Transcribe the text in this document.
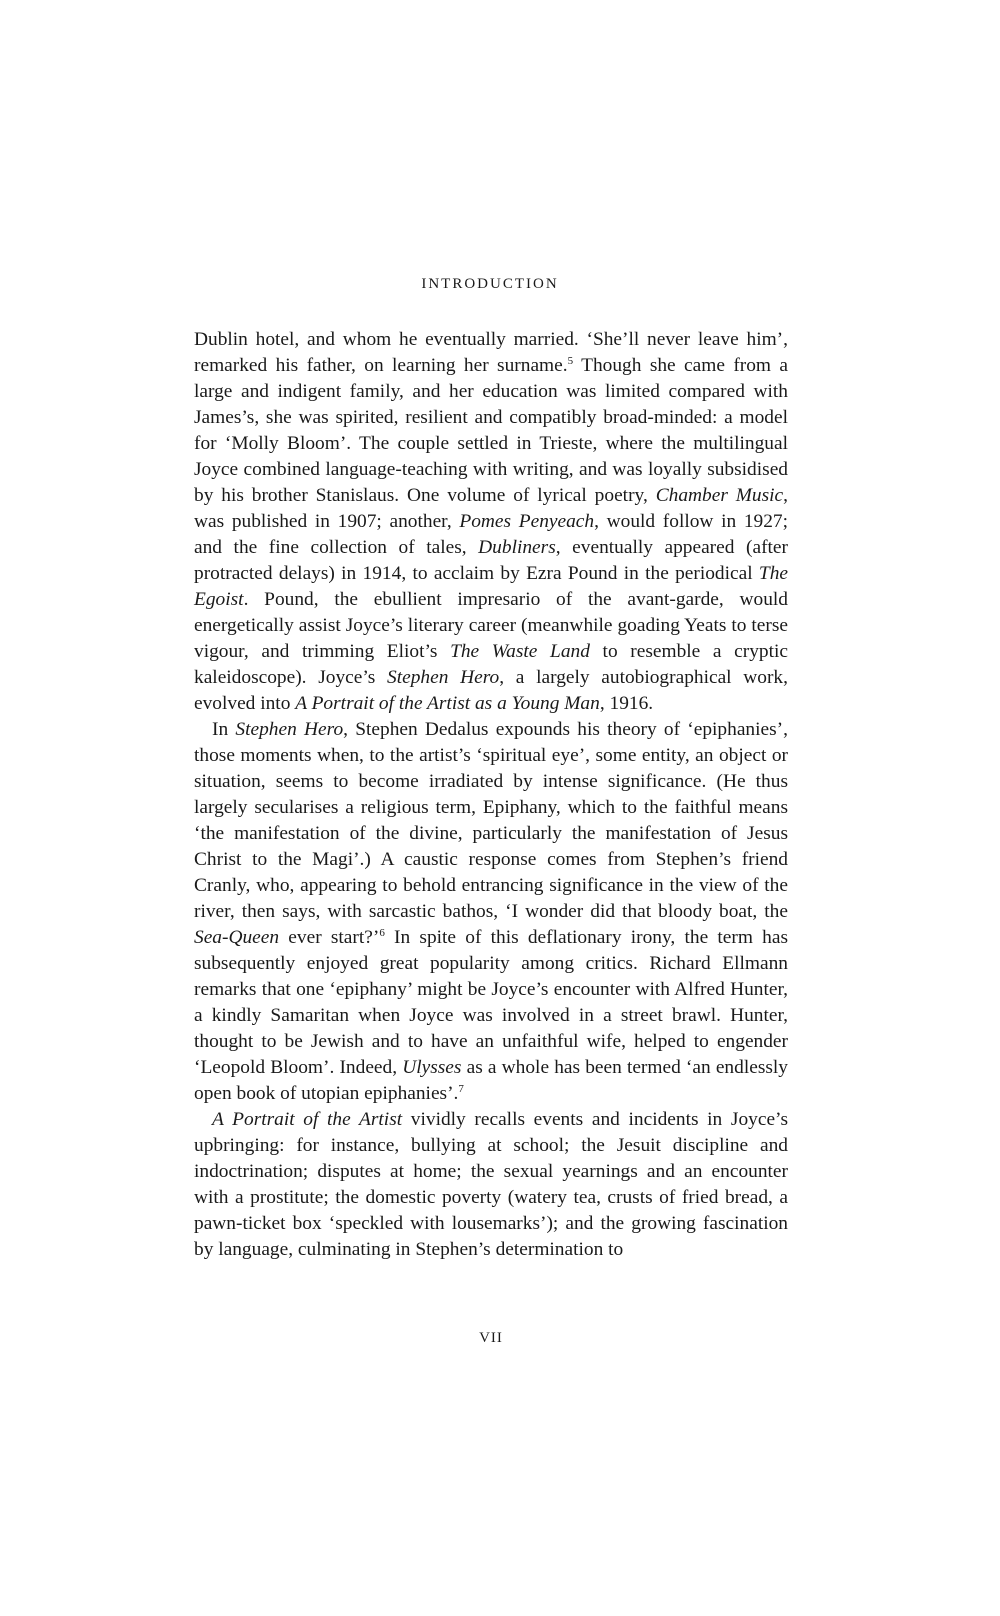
INTRODUCTION

Dublin hotel, and whom he eventually married. ‘She’ll never leave him’, remarked his father, on learning her surname.$^5$ Though she came from a large and indigent family, and her education was limited compared with James’s, she was spirited, resilient and compatibly broad-minded: a model for ‘Molly Bloom’. The couple settled in Trieste, where the multilingual Joyce combined language-teaching with writing, and was loyally subsidised by his brother Stanislaus. One volume of lyrical poetry, Chamber Music, was published in 1907; another, Pomes Penyeach, would follow in 1927; and the fine collection of tales, Dubliners, eventually appeared (after protracted delays) in 1914, to acclaim by Ezra Pound in the periodical The Egoist. Pound, the ebullient impresario of the avant-garde, would energetically assist Joyce’s literary career (meanwhile goading Yeats to terse vigour, and trimming Eliot’s The Waste Land to resemble a cryptic kaleidoscope). Joyce’s Stephen Hero, a largely autobiographical work, evolved into A Portrait of the Artist as a Young Man, 1916.

In Stephen Hero, Stephen Dedalus expounds his theory of ‘epiphanies’, those moments when, to the artist’s ‘spiritual eye’, some entity, an object or situation, seems to become irradiated by intense significance. (He thus largely secularises a religious term, Epiphany, which to the faithful means ‘the manifestation of the divine, particularly the manifestation of Jesus Christ to the Magi’.) A caustic response comes from Stephen’s friend Cranly, who, appearing to behold entrancing significance in the view of the river, then says, with sarcastic bathos, ‘I wonder did that bloody boat, the Sea-Queen ever start?’$^6$ In spite of this deflationary irony, the term has subsequently enjoyed great popularity among critics. Richard Ellmann remarks that one ‘epiphany’ might be Joyce’s encounter with Alfred Hunter, a kindly Samaritan when Joyce was involved in a street brawl. Hunter, thought to be Jewish and to have an unfaithful wife, helped to engender ‘Leopold Bloom’. Indeed, Ulysses as a whole has been termed ‘an endlessly open book of utopian epiphanies’.$^7$

A Portrait of the Artist vividly recalls events and incidents in Joyce’s upbringing: for instance, bullying at school; the Jesuit discipline and indoctrination; disputes at home; the sexual yearnings and an encounter with a prostitute; the domestic poverty (watery tea, crusts of fried bread, a pawn-ticket box ‘speckled with lousemarks’); and the growing fascination by language, culminating in Stephen’s determination to

VII
